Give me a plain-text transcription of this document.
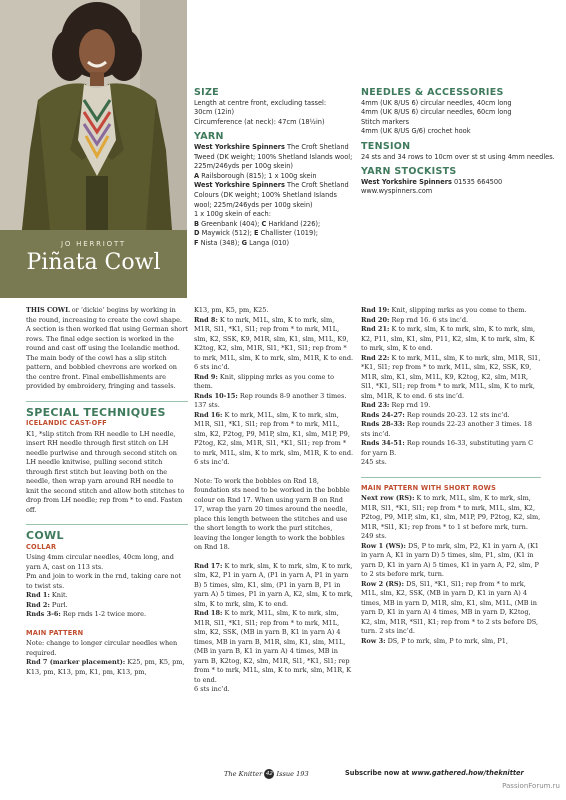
JO HERRIOTT
Piñata Cowl
SIZE

Length at centre front, excluding tassel:

30cm (12in)

Circumference (at neck): 47cm (18½in)

YARN

West Yorkshire Spinners The Croft Shetland Tweed (DK weight; 100% Shetland Islands wool; 225m/246yds per 100g skein)

A Railsborough (815); 1 x 100g skein

West Yorkshire Spinners The Croft Shetland Colours (DK weight; 100% Shetland Islands wool; 225m/246yds per 100g skein)

1 x 100g skein of each:

B Greenbank (404); C Harkland (226);

D Maywick (512); E Challister (1019);

F Nista (348); G Langa (010)

NEEDLES & ACCESSORIES

4mm (UK 8/US 6) circular needles, 40cm long

4mm (UK 8/US 6) circular needles, 60cm long

Stitch markers

4mm (UK 8/US G/6) crochet hook

TENSION

24 sts and 34 rows to 10cm over st st using 4mm needles.

YARN STOCKISTS

West Yorkshire Spinners 01535 664500

www.wyspinners.com

THIS COWL or ‘dickie’ begins by working in the round, increasing to create the cowl shape. A section is then worked flat using German short rows. The final edge section is worked in the round and cast off using the Icelandic method. The main body of the cowl has a slip stitch pattern, and bobbled chevrons are worked on the centre front. Final embellishments are provided by embroidery, fringing and tassels.

SPECIAL TECHNIQUES
ICELANDIC CAST-OFF

K1, *slip stitch from RH needle to LH needle, insert RH needle through first stitch on LH needle purlwise and through second stitch on LH needle knitwise, pulling second stitch through first stitch but leaving both on the needle, then wrap yarn around RH needle to knit the second stitch and allow both stitches to drop from LH needle; rep from * to end. Fasten off.

COWL
COLLAR

Using 4mm circular needles, 40cm long, and yarn A, cast on 113 sts.

Pm and join to work in the rnd, taking care not to twist sts.

Rnd 1: Knit.

Rnd 2: Purl.

Rnds 3-6: Rep rnds 1-2 twice more.

MAIN PATTERN

Note: change to longer circular needles when required.

Rnd 7 (marker placement): K25, pm, K5, pm, K13, pm, K13, pm, K1, pm, K13, pm,

K13, pm, K5, pm, K25.

Rnd 8: K to mrk, M1L, slm, K to mrk, slm, M1R, Sl1, *K1, Sl1; rep from * to mrk, M1L, slm, K2, SSK, K9, M1R, slm, K1, slm, M1L, K9, K2tog, K2, slm, M1R, Sl1, *K1, Sl1; rep from * to mrk, M1L, slm, K to mrk, slm, M1R, K to end. 6 sts inc’d.

Rnd 9: Knit, slipping mrks as you come to them.

Rnds 10-15: Rep rounds 8-9 another 3 times. 137 sts.

Rnd 16: K to mrk, M1L, slm, K to mrk, slm, M1R, Sl1, *K1, Sl1; rep from * to mrk, M1L, slm, K2, P2tog, P9, M1P, slm, K1, slm, M1P, P9, P2tog, K2, slm, M1R, Sl1, *K1, Sl1; rep from * to mrk, M1L, slm, K to mrk, slm, M1R, K to end. 6 sts inc’d.

Note: To work the bobbles on Rnd 18, foundation sts need to be worked in the bobble colour on Rnd 17. When using yarn B on Rnd 17, wrap the yarn 20 times around the needle, place this length between the stitches and use the short length to work the purl stitches, leaving the longer length to work the bobbles on Rnd 18.

Rnd 17: K to mrk, slm, K to mrk, slm, K to mrk, slm, K2, P1 in yarn A, (P1 in yarn A, P1 in yarn B) 5 times, slm, K1, slm, (P1 in yarn B, P1 in yarn A) 5 times, P1 in yarn A, K2, slm, K to mrk, slm, K to mrk, slm, K to end.

Rnd 18: K to mrk, M1L, slm, K to mrk, slm, M1R, Sl1, *K1, Sl1; rep from * to mrk, M1L, slm, K2, SSK, (MB in yarn B, K1 in yarn A) 4 times, MB in yarn B, M1R, slm, K1, slm, M1L, (MB in yarn B, K1 in yarn A) 4 times, MB in yarn B, K2tog, K2, slm, M1R, Sl1, *K1, Sl1; rep from * to mrk, M1L, slm, K to mrk, slm, M1R, K to end.

6 sts inc’d.

Rnd 19: Knit, slipping mrks as you come to them.

Rnd 20: Rep rnd 16. 6 sts inc’d.

Rnd 21: K to mrk, slm, K to mrk, slm, K to mrk, slm, K2, P11, slm, K1, slm, P11, K2, slm, K to mrk, slm, K to mrk, slm, K to end.

Rnd 22: K to mrk, M1L, slm, K to mrk, slm, M1R, Sl1, *K1, Sl1; rep from * to mrk, M1L, slm, K2, SSK, K9, M1R, slm, K1, slm, M1L, K9, K2tog, K2, slm, M1R, Sl1, *K1, Sl1; rep from * to mrk, M1L, slm, K to mrk, slm, M1R, K to end. 6 sts inc’d.

Rnd 23: Rep rnd 19.

Rnds 24-27: Rep rounds 20-23. 12 sts inc’d.

Rnds 28-33: Rep rounds 22-23 another 3 times. 18 sts inc’d.

Rnds 34-51: Rep rounds 16-33, substituting yarn C for yarn B.

245 sts.

MAIN PATTERN WITH SHORT ROWS

Next row (RS): K to mrk, M1L, slm, K to mrk, slm, M1R, Sl1, *K1, Sl1; rep from * to mrk, M1L, slm, K2, P2tog, P9, M1P, slm, K1, slm, M1P, P9, P2tog, K2, slm, M1R, *Sl1, K1; rep from * to 1 st before mrk, turn.

249 sts.

Row 1 (WS): DS, P to mrk, slm, P2, K1 in yarn A, (K1 in yarn A, K1 in yarn D) 5 times, slm, P1, slm, (K1 in yarn D, K1 in yarn A) 5 times, K1 in yarn A, P2, slm, P to 2 sts before mrk, turn.

Row 2 (RS): DS, Sl1, *K1, Sl1; rep from * to mrk, M1L, slm, K2, SSK, (MB in yarn D, K1 in yarn A) 4 times, MB in yarn D, M1R, slm, K1, slm, M1L, (MB in yarn D, K1 in yarn A) 4 times, MB in yarn D, K2tog, K2, slm, M1R, *Sl1, K1; rep from * to 2 sts before DS, turn. 2 sts inc’d.

Row 3: DS, P to mrk, slm, P to mrk, slm, P1,

The Knitter 42 Issue 193	Subscribe now at www.gathered.how/theknitter
PassionForum.ru
